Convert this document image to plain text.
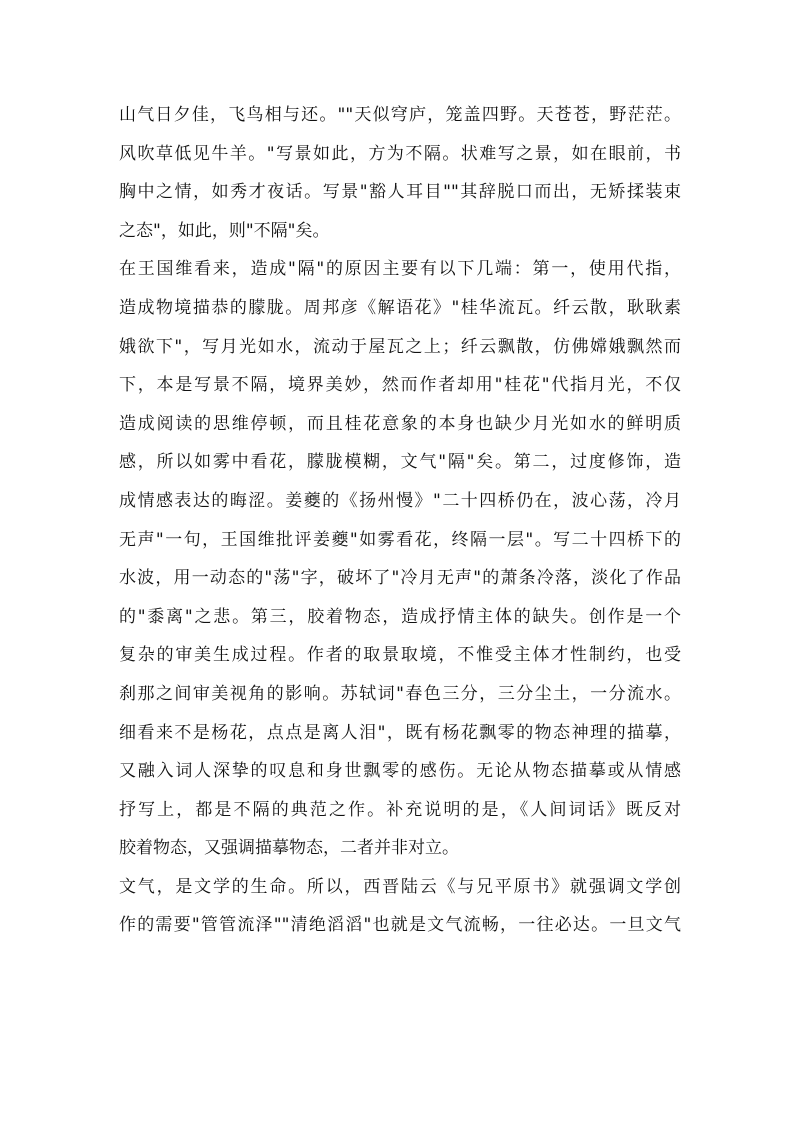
山气日夕佳，飞鸟相与还。""天似穹庐，笼盖四野。天苍苍，野茫茫。
风吹草低见牛羊。"写景如此，方为不隔。状难写之景，如在眼前，书
胸中之情，如秀才夜话。写景"豁人耳目""其辞脱口而出，无矫揉装束
之态"，如此，则"不隔"矣。
在王国维看来，造成"隔"的原因主要有以下几端：第一，使用代指，
造成物境描恭的朦胧。周邦彦《解语花》"桂华流瓦。纤云散，耿耿素
娥欲下"，写月光如水，流动于屋瓦之上；纤云飘散，仿佛嫦娥飘然而
下，本是写景不隔，境界美妙，然而作者却用"桂花"代指月光，不仅
造成阅读的思维停顿，而且桂花意象的本身也缺少月光如水的鲜明质
感，所以如雾中看花，朦胧模糊，文气"隔"矣。第二，过度修饰，造
成情感表达的晦涩。姜夔的《扬州慢》"二十四桥仍在，波心荡，冷月
无声"一句，王国维批评姜夔"如雾看花，终隔一层"。写二十四桥下的
水波，用一动态的"荡"字，破坏了"冷月无声"的萧条冷落，淡化了作品
的"黍离"之悲。第三，胶着物态，造成抒情主体的缺失。创作是一个
复杂的审美生成过程。作者的取景取境，不惟受主体才性制约，也受
刹那之间审美视角的影响。苏轼词"春色三分，三分尘土，一分流水。
细看来不是杨花，点点是离人泪"，既有杨花飘零的物态神理的描摹，
又融入词人深挚的叹息和身世飘零的感伤。无论从物态描摹或从情感
抒写上，都是不隔的典范之作。补充说明的是，《人间词话》既反对
胶着物态，又强调描摹物态，二者并非对立。
文气，是文学的生命。所以，西晋陆云《与兄平原书》就强调文学创
作的需要"管管流泽""清绝滔滔"也就是文气流畅，一往必达。一旦文气
